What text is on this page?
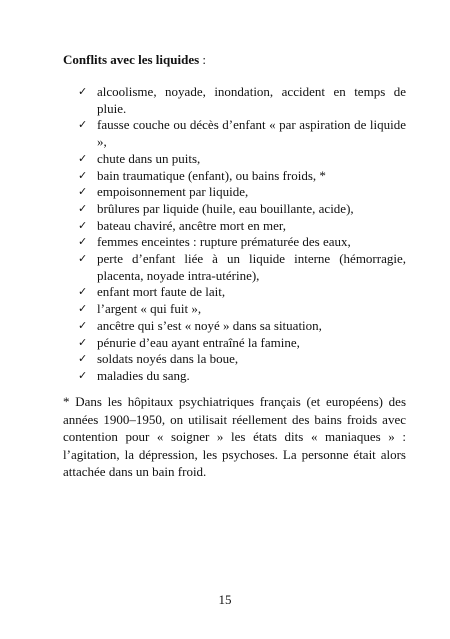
Conflits avec les liquides :
✓ alcoolisme, noyade, inondation, accident en temps de pluie.
✓ fausse couche ou décès d’enfant « par aspiration de liquide »,
✓ chute dans un puits,
✓ bain traumatique (enfant), ou bains froids, *
✓ empoisonnement par liquide,
✓ brûlures par liquide (huile, eau bouillante, acide),
✓ bateau chaviré, ancêtre mort en mer,
✓ femmes enceintes : rupture prématurée des eaux,
✓ perte d’enfant liée à un liquide interne (hémorragie, placenta, noyade intra-utérine),
✓ enfant mort faute de lait,
✓ l’argent « qui fuit »,
✓ ancêtre qui s’est « noyé » dans sa situation,
✓ pénurie d’eau ayant entraîné la famine,
✓ soldats noyés dans la boue,
✓ maladies du sang.

* Dans les hôpitaux psychiatriques français (et européens) des années 1900–1950, on utilisait réellement des bains froids avec contention pour « soigner » les états dits « maniaques » : l’agitation, la dépression, les psychoses. La personne était alors attachée dans un bain froid.

15
